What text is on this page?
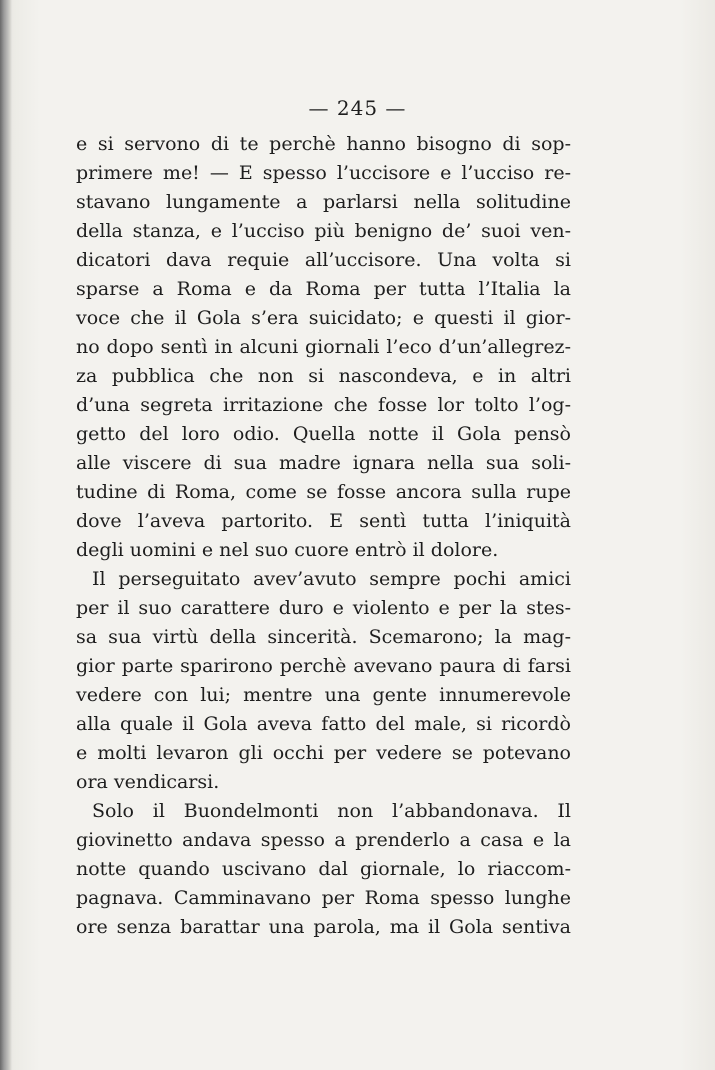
— 245 —
e si servono di te perchè hanno bisogno di sop-
primere me! — E spesso l’uccisore e l’ucciso re-
stavano lungamente a parlarsi nella solitudine
della stanza, e l’ucciso più benigno de’ suoi ven-
dicatori dava requie all’uccisore. Una volta si
sparse a Roma e da Roma per tutta l’Italia la
voce che il Gola s’era suicidato; e questi il gior-
no dopo sentì in alcuni giornali l’eco d’un’allegrez-
za pubblica che non si nascondeva, e in altri
d’una segreta irritazione che fosse lor tolto l’og-
getto del loro odio. Quella notte il Gola pensò
alle viscere di sua madre ignara nella sua soli-
tudine di Roma, come se fosse ancora sulla rupe
dove l’aveva partorito. E sentì tutta l’iniquità
degli uomini e nel suo cuore entrò il dolore.
Il perseguitato avev’avuto sempre pochi amici
per il suo carattere duro e violento e per la stes-
sa sua virtù della sincerità. Scemarono; la mag-
gior parte sparirono perchè avevano paura di farsi
vedere con lui; mentre una gente innumerevole
alla quale il Gola aveva fatto del male, si ricordò
e molti levaron gli occhi per vedere se potevano
ora vendicarsi.
Solo il Buondelmonti non l’abbandonava. Il
giovinetto andava spesso a prenderlo a casa e la
notte quando uscivano dal giornale, lo riaccom-
pagnava. Camminavano per Roma spesso lunghe
ore senza barattar una parola, ma il Gola sentiva
